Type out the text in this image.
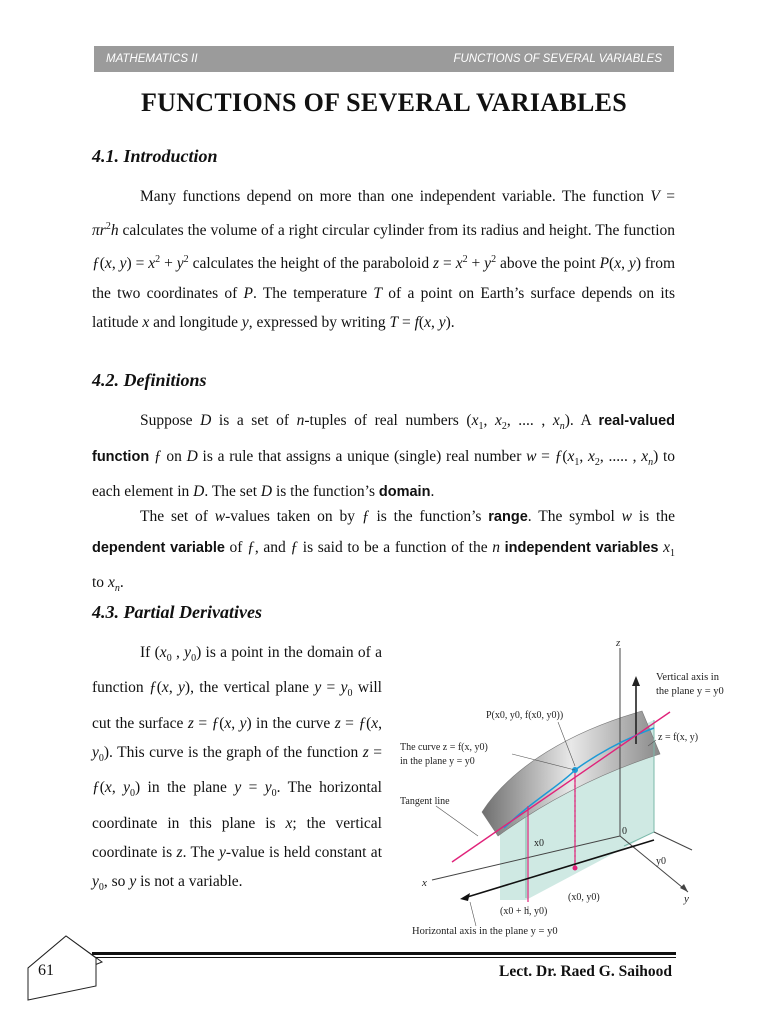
MATHEMATICS II	FUNCTIONS OF SEVERAL VARIABLES
FUNCTIONS OF SEVERAL VARIABLES
4.1. Introduction
Many functions depend on more than one independent variable. The function $V = \pi r^2h$ calculates the volume of a right circular cylinder from its radius and height. The function ƒ(x, $y) = x^2 + y^2$ calculates the height of the paraboloid $z = x^2 + y^2$ above the point P(x, y) from the two coordinates of P. The temperature T of a point on Earth’s surface depends on its latitude x and longitude y, expressed by writing T = f(x, y).
4.2. Definitions
Suppose D is a set of n-tuples of real numbers ($x_1$, $x_2$, .... , $x_n$). A real-valued function ƒ on D is a rule that assigns a unique (single) real number $w = ƒ(x_1$, $x_2$, ..... , $x_n$) to each element in D. The set D is the function’s domain.
The set of w-values taken on by ƒ is the function’s range. The symbol w is the dependent variable of ƒ, and ƒ is said to be a function of the n independent variables $x_1$ to $x_n$.
4.3. Partial Derivatives
If ($x_0$ , $y_0$) is a point in the domain of a function ƒ(x, y), the vertical plane $y = y_0$ will cut the surface z = ƒ(x, y) in the curve z = ƒ(x, $y_0$). This curve is the graph of the function z = ƒ(x, $y_0$) in the plane $y = y_0$. The horizontal coordinate in this plane is x; the vertical coordinate is z. The y-value is held constant at $y_0$, so y is not a variable.
z
Vertical axis in
the plane y = y0
P(x0, y0, f(x0, y0))
z = f(x, y)
The curve z = f(x, y0)
in the plane y = y0
Tangent line
x0
0
y0
x
y
(x0, y0)
(x0 + h, y0)
Horizontal axis in the plane y = y0
61	Lect. Dr. Raed G. Saihood
